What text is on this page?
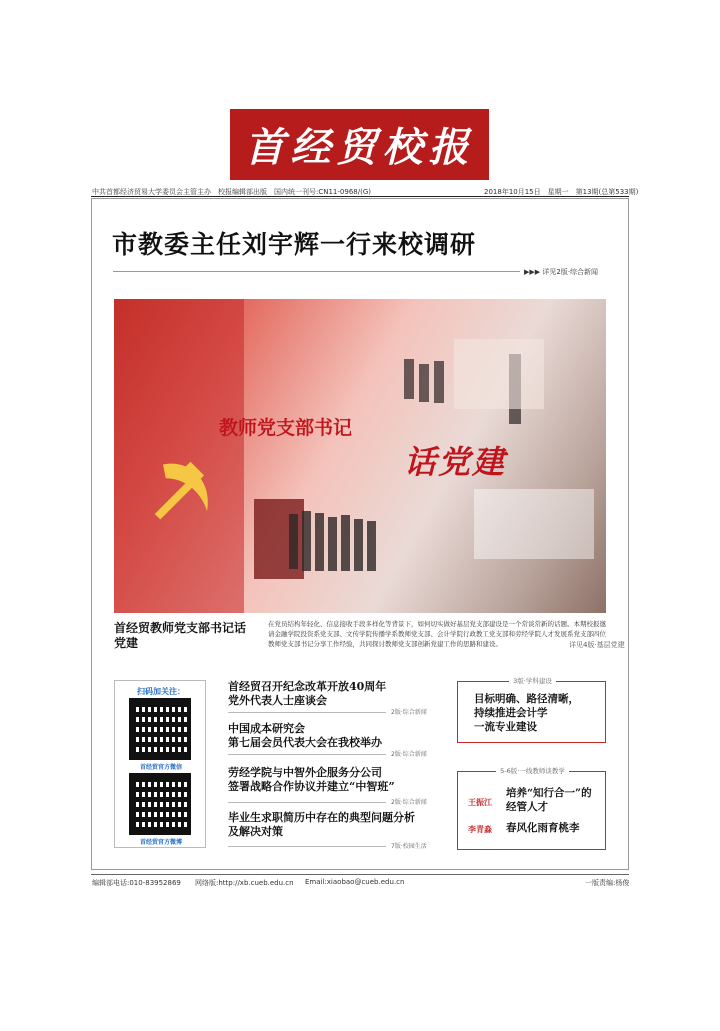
首经贸校报
中共首都经济贸易大学委员会主管主办　校报编辑部出版　国内统一刊号:CN11-0968/(G)	2018年10月15日　星期一　第13期(总第533期)
市教委主任刘宇辉一行来校调研
▶▶▶ 详见2版·综合新闻
教师党支部书记
话党建
首经贸教师党支部书记话党建
在党员结构年轻化、信息接收手段多样化等背景下，如何切实做好基层党支部建设是一个常谈常新的话题。本期校报邀请金融学院投资系党支部、文传学院传播学系教师党支部、会计学院行政教工党支部和劳经学院人才发展系党支部四位教师党支部书记分享工作经验，共同探讨教师党支部创新党建工作的思路和建设。	详见4版·基层党建
扫码加关注：
首经贸官方微信
首经贸官方微博
首经贸召开纪念改革开放40周年
党外代表人士座谈会
2版·综合新闻
中国成本研究会
第七届会员代表大会在我校举办
2版·综合新闻
劳经学院与中智外企服务分公司
签署战略合作协议并建立“中智班”
2版·综合新闻
毕业生求职简历中存在的典型问题分析
及解决对策
7版·校园生活
3版·学科建设
目标明确、路径清晰，
持续推进会计学
一流专业建设
5-6版·一线教师谈教学
王振江
培养“知行合一”的
经管人才
李青淼 春风化雨育桃李
编辑部电话:010-83952869 网络版:http://xb.cueb.edu.cn Email:xiaobao@cueb.edu.cn	一版责编:杨俊
